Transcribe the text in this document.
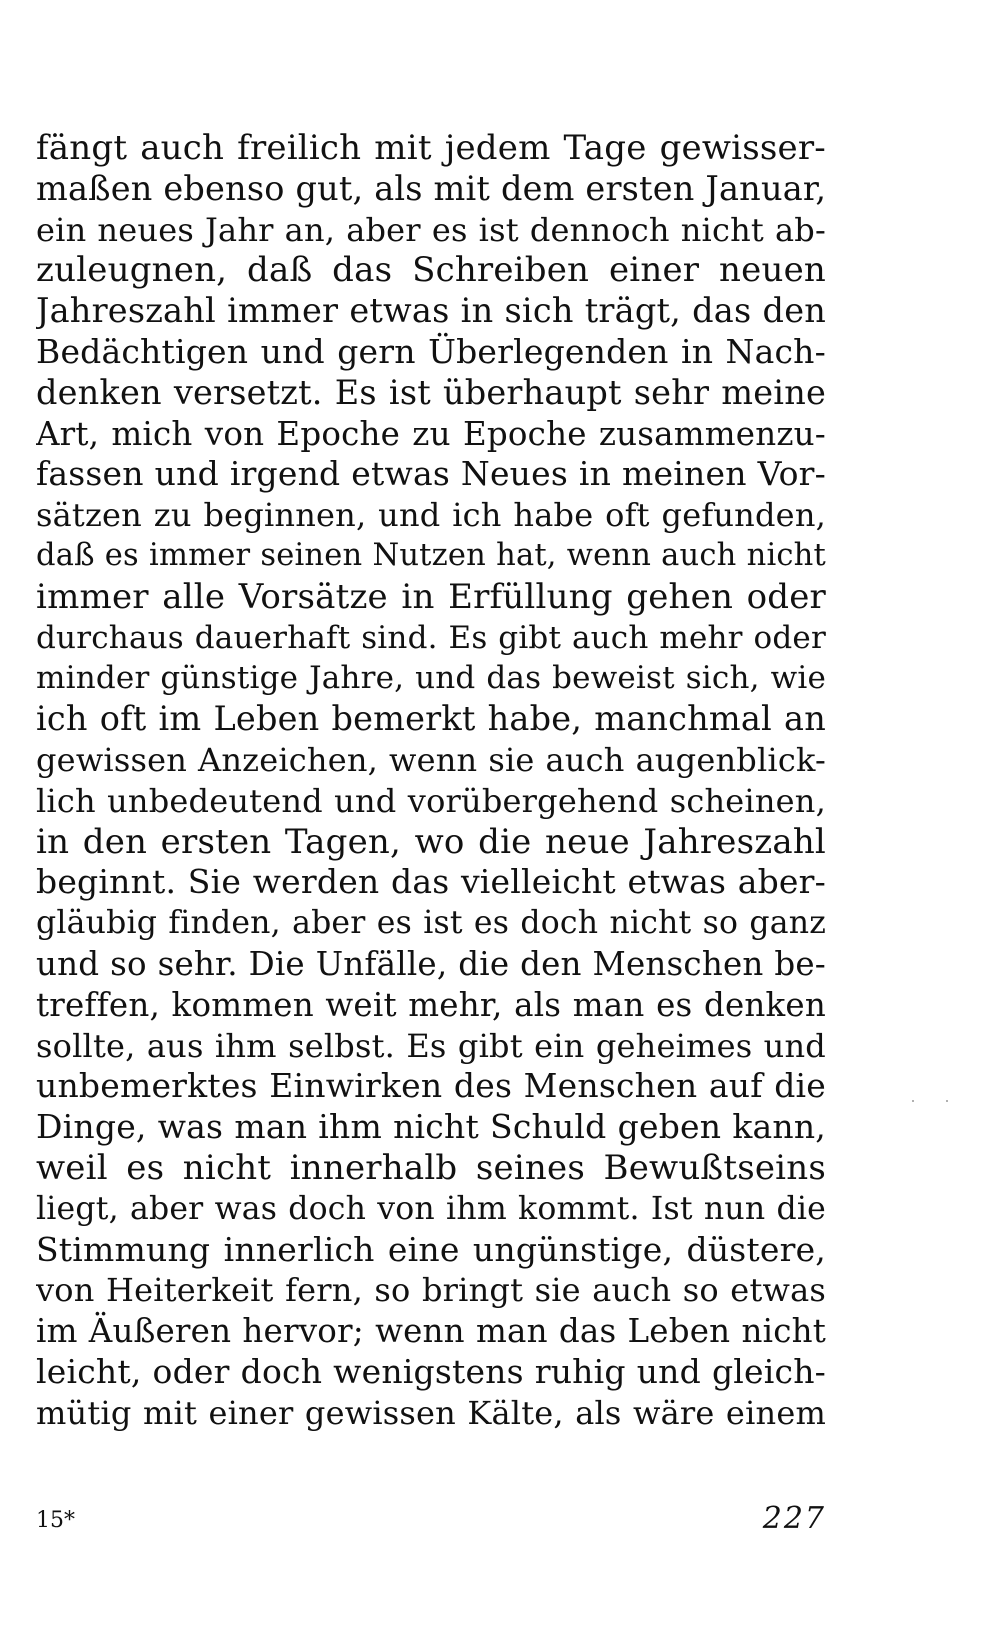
fängt auch freilich mit jedem Tage gewisser-
maßen ebenso gut, als mit dem ersten Januar,
ein neues Jahr an, aber es ist dennoch nicht ab-
zuleugnen, daß das Schreiben einer neuen
Jahreszahl immer etwas in sich trägt, das den
Bedächtigen und gern Überlegenden in Nach-
denken versetzt. Es ist überhaupt sehr meine
Art, mich von Epoche zu Epoche zusammenzu-
fassen und irgend etwas Neues in meinen Vor-
sätzen zu beginnen, und ich habe oft gefunden,
daß es immer seinen Nutzen hat, wenn auch nicht
immer alle Vorsätze in Erfüllung gehen oder
durchaus dauerhaft sind. Es gibt auch mehr oder
minder günstige Jahre, und das beweist sich, wie
ich oft im Leben bemerkt habe, manchmal an
gewissen Anzeichen, wenn sie auch augenblick-
lich unbedeutend und vorübergehend scheinen,
in den ersten Tagen, wo die neue Jahreszahl
beginnt. Sie werden das vielleicht etwas aber-
gläubig finden, aber es ist es doch nicht so ganz
und so sehr. Die Unfälle, die den Menschen be-
treffen, kommen weit mehr, als man es denken
sollte, aus ihm selbst. Es gibt ein geheimes und
unbemerktes Einwirken des Menschen auf die
Dinge, was man ihm nicht Schuld geben kann,
weil es nicht innerhalb seines Bewußtseins
liegt, aber was doch von ihm kommt. Ist nun die
Stimmung innerlich eine ungünstige, düstere,
von Heiterkeit fern, so bringt sie auch so etwas
im Äußeren hervor; wenn man das Leben nicht
leicht, oder doch wenigstens ruhig und gleich-
mütig mit einer gewissen Kälte, als wäre einem
15*	227
